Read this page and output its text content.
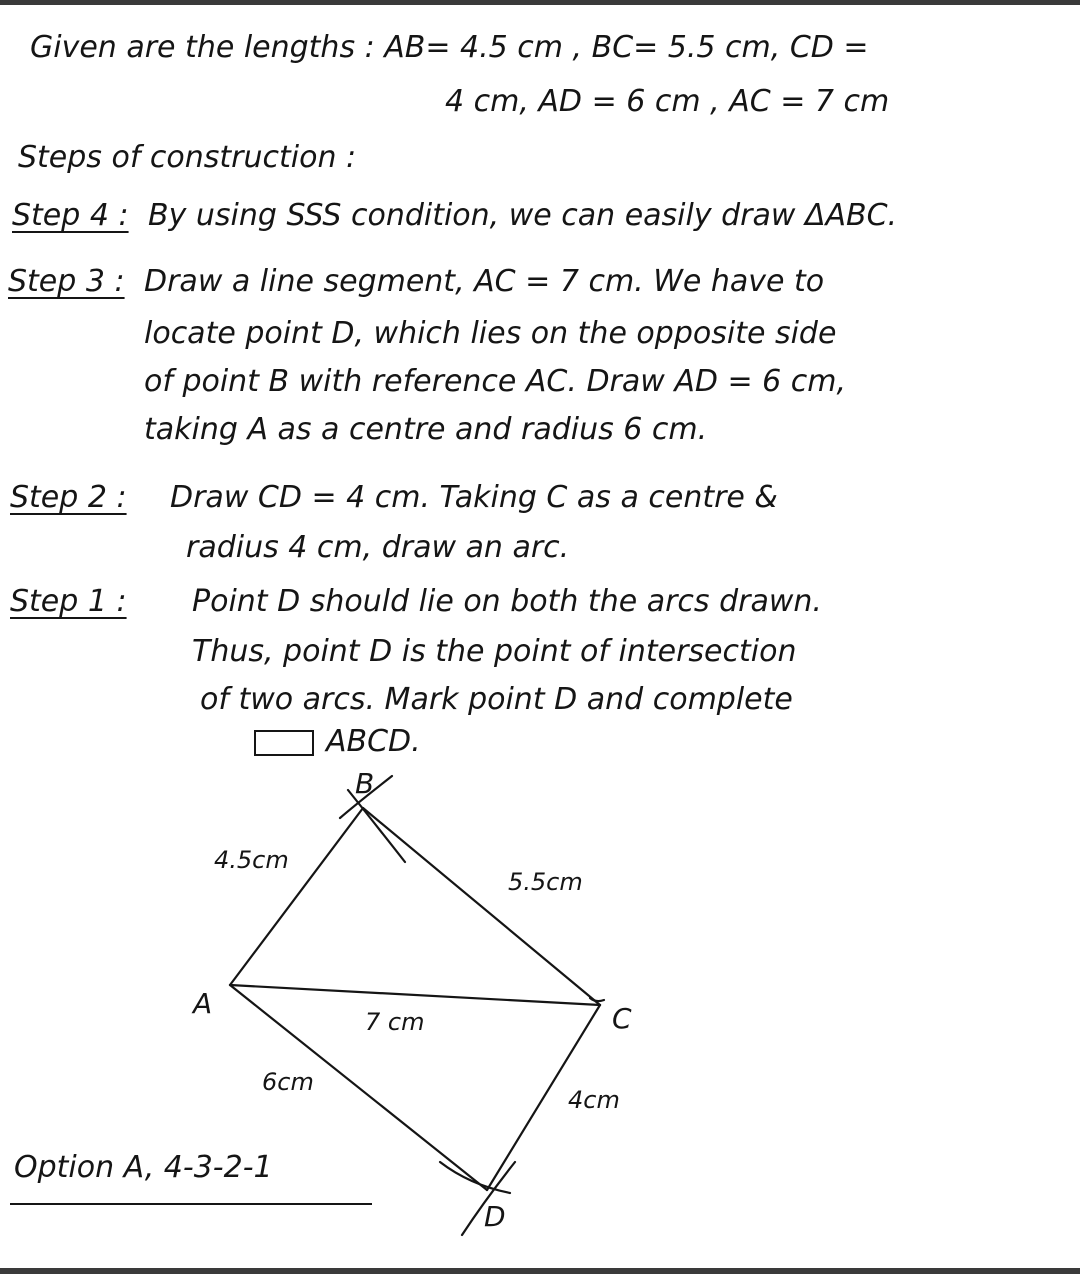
Given are the lengths : AB= 4.5 cm , BC= 5.5 cm, CD =
4 cm, AD = 6 cm , AC = 7 cm
Steps of construction :
Step 4 : By using SSS condition, we can easily draw ΔABC.
Step 3 : Draw a line segment, AC = 7 cm. We have to
locate point D, which lies on the opposite side
of point B with reference AC. Draw AD = 6 cm,
taking A as a centre and radius 6 cm.
Step 2 : Draw CD = 4 cm. Taking C as a centre &
radius 4 cm, draw an arc.
Step 1 : Point D should lie on both the arcs drawn.
Thus, point D is the point of intersection
of two arcs. Mark point D and complete
ABCD.
B
A	C
D
4.5cm
5.5cm
7 cm
6cm
4cm
Option A, 4-3-2-1
